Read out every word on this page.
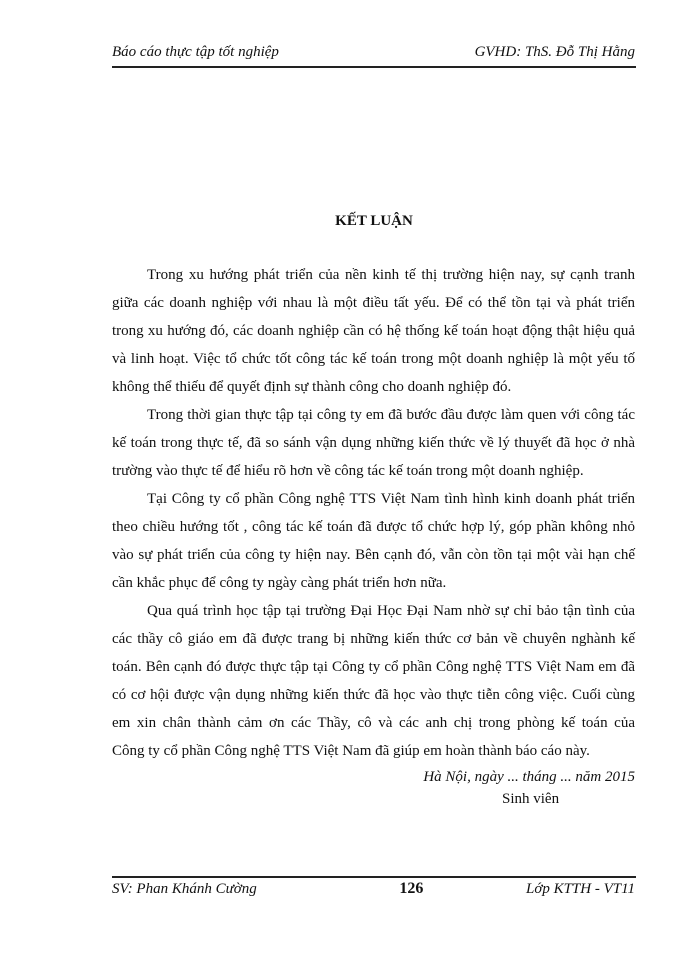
Báo cáo thực tập tốt nghiệp	GVHD: ThS. Đỗ Thị Hằng
KẾT LUẬN
Trong xu hướng phát triển của nền kinh tế thị trường hiện nay, sự cạnh tranh
giữa các doanh nghiệp với nhau là một điều tất yếu. Để có thể tồn tại và phát triển
trong xu hướng đó, các doanh nghiệp cần có hệ thống kế toán hoạt động thật hiệu quả
và linh hoạt. Việc tổ chức tốt công tác kế toán trong một doanh nghiệp là một yếu tố
không thể thiếu để quyết định sự thành công cho doanh nghiệp đó.
Trong thời gian thực tập tại công ty em đã bước đầu được làm quen với công tác
kế toán trong thực tế, đã so sánh vận dụng những kiến thức về lý thuyết đã học ở nhà
trường vào thực tế để hiểu rõ hơn về công tác kế toán trong một doanh nghiệp.
Tại Công ty cổ phần Công nghệ TTS Việt Nam tình hình kinh doanh phát triển
theo chiều hướng tốt , công tác kế toán đã được tổ chức hợp lý, góp phần không nhỏ
vào sự phát triển của công ty hiện nay. Bên cạnh đó, vẫn còn tồn tại một vài hạn chế
cần khắc phục để công ty ngày càng phát triển hơn nữa.
Qua quá trình học tập tại trường Đại Học Đại Nam nhờ sự chỉ bảo tận tình của
các thầy cô giáo em đã được trang bị những kiến thức cơ bản về chuyên nghành kế
toán. Bên cạnh đó được thực tập tại Công ty cổ phần Công nghệ TTS Việt Nam em đã
có cơ hội được vận dụng những kiến thức đã học vào thực tiễn công việc. Cuối cùng
em xin chân thành cảm ơn các Thầy, cô và các anh chị trong phòng kế toán của
Công ty cổ phần Công nghệ TTS Việt Nam đã giúp em hoàn thành báo cáo này.
Hà Nội, ngày ... tháng ... năm 2015
Sinh viên
SV: Phan Khánh Cường	126	Lớp KTTH - VT11
